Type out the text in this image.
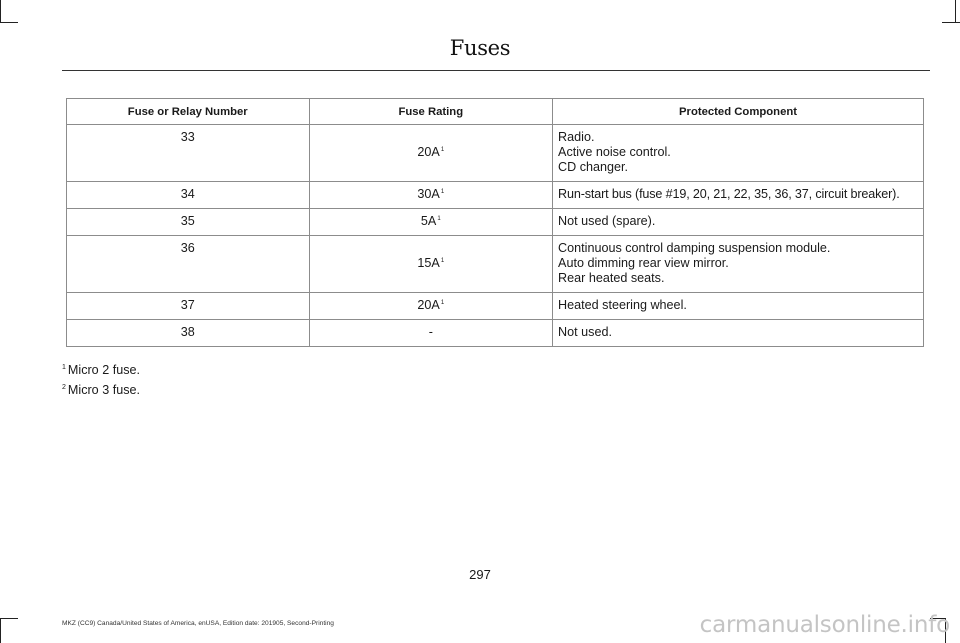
Fuses
Fuse or Relay Number	Fuse Rating	Protected Component
33	$20A^1$	Radio.
Active noise control.
CD changer.

34	$30A^1$	Run-start bus (fuse #19, 20, 21, 22, 35, 36, 37, circuit breaker).

35	$5A^1$	Not used (spare).

36	$15A^1$	Continuous control damping suspension module.
Auto dimming rear view mirror.
Rear heated seats.

37	$20A^1$	Heated steering wheel.

38	-	Not used.
$^1$ Micro 2 fuse.
$^2$ Micro 3 fuse.
297
MKZ (CC9) Canada/United States of America, enUSA, Edition date: 201905, Second-Printing	carmanualsonline.info
